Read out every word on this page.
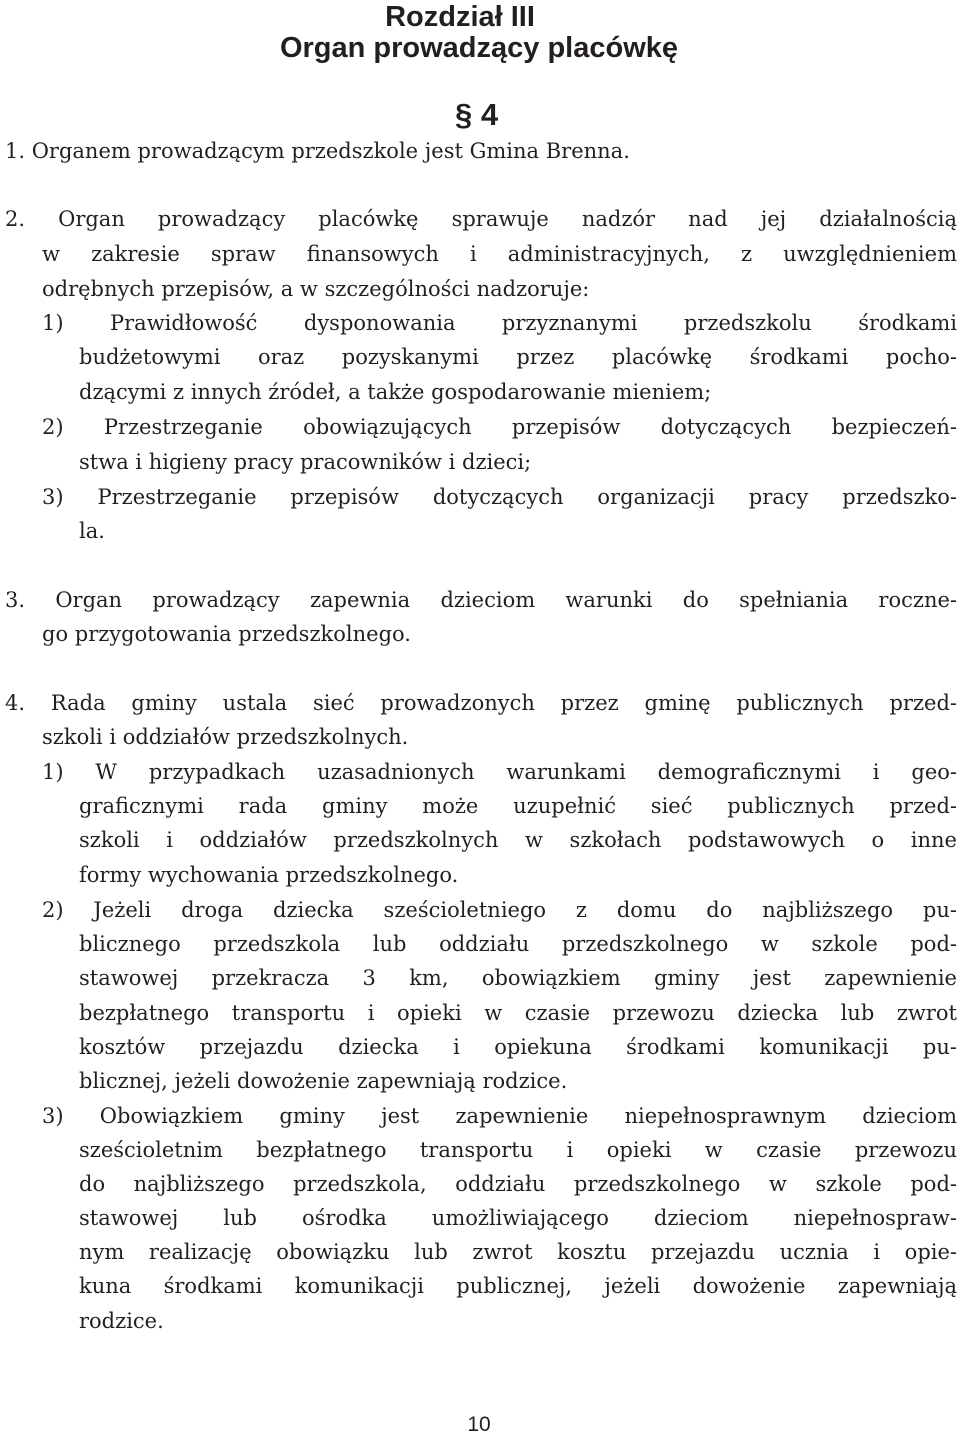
Rozdział III
Organ prowadzący placówkę
§ 4
1. Organem prowadzącym przedszkole jest Gmina Brenna.
2. Organ prowadzący placówkę sprawuje nadzór nad jej działalnością
w zakresie spraw finansowych i administracyjnych, z uwzględnieniem
odrębnych przepisów, a w szczególności nadzoruje:
1) Prawidłowość dysponowania przyznanymi przedszkolu środkami
budżetowymi oraz pozyskanymi przez placówkę środkami pocho-
dzącymi z innych źródeł, a także gospodarowanie mieniem;
2) Przestrzeganie obowiązujących przepisów dotyczących bezpieczeń-
stwa i higieny pracy pracowników i dzieci;
3) Przestrzeganie przepisów dotyczących organizacji pracy przedszko-
la.
3. Organ prowadzący zapewnia dzieciom warunki do spełniania roczne-
go przygotowania przedszkolnego.
4. Rada gminy ustala sieć prowadzonych przez gminę publicznych przed-
szkoli i oddziałów przedszkolnych.
1) W przypadkach uzasadnionych warunkami demograficznymi i geo-
graficznymi rada gminy może uzupełnić sieć publicznych przed-
szkoli i oddziałów przedszkolnych w szkołach podstawowych o inne
formy wychowania przedszkolnego.
2) Jeżeli droga dziecka sześcioletniego z domu do najbliższego pu-
blicznego przedszkola lub oddziału przedszkolnego w szkole pod-
stawowej przekracza 3 km, obowiązkiem gminy jest zapewnienie
bezpłatnego transportu i opieki w czasie przewozu dziecka lub zwrot
kosztów przejazdu dziecka i opiekuna środkami komunikacji pu-
blicznej, jeżeli dowożenie zapewniają rodzice.
3) Obowiązkiem gminy jest zapewnienie niepełnosprawnym dzieciom
sześcioletnim bezpłatnego transportu i opieki w czasie przewozu
do najbliższego przedszkola, oddziału przedszkolnego w szkole pod-
stawowej lub ośrodka umożliwiającego dzieciom niepełnospraw-
nym realizację obowiązku lub zwrot kosztu przejazdu ucznia i opie-
kuna środkami komunikacji publicznej, jeżeli dowożenie zapewniają
rodzice.
10
